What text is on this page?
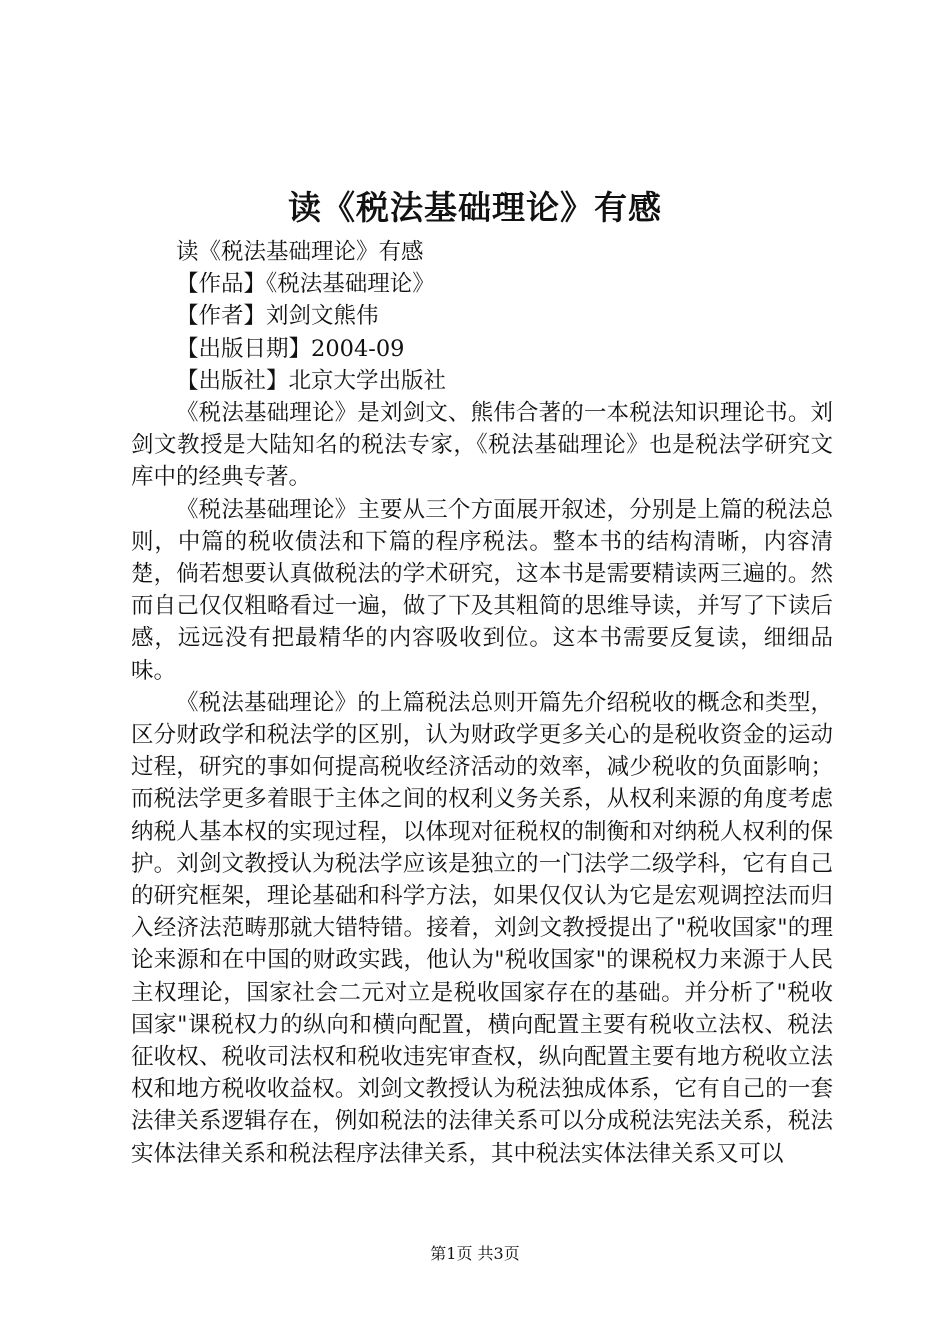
读《税法基础理论》有感

读《税法基础理论》有感

【作品】《税法基础理论》

【作者】刘剑文熊伟

【出版日期】2004-09

【出版社】北京大学出版社

《税法基础理论》是刘剑文、熊伟合著的一本税法知识理论书。刘剑文教授是大陆知名的税法专家，《税法基础理论》也是税法学研究文库中的经典专著。

《税法基础理论》主要从三个方面展开叙述，分别是上篇的税法总则，中篇的税收债法和下篇的程序税法。整本书的结构清晰，内容清楚，倘若想要认真做税法的学术研究，这本书是需要精读两三遍的。然而自己仅仅粗略看过一遍，做了下及其粗简的思维导读，并写了下读后感，远远没有把最精华的内容吸收到位。这本书需要反复读，细细品味。

《税法基础理论》的上篇税法总则开篇先介绍税收的概念和类型，区分财政学和税法学的区别，认为财政学更多关心的是税收资金的运动过程，研究的事如何提高税收经济活动的效率，减少税收的负面影响；而税法学更多着眼于主体之间的权利义务关系，从权利来源的角度考虑纳税人基本权的实现过程，以体现对征税权的制衡和对纳税人权利的保护。刘剑文教授认为税法学应该是独立的一门法学二级学科，它有自己的研究框架，理论基础和科学方法，如果仅仅认为它是宏观调控法而归入经济法范畴那就大错特错。接着，刘剑文教授提出了"税收国家"的理论来源和在中国的财政实践，他认为"税收国家"的课税权力来源于人民主权理论，国家社会二元对立是税收国家存在的基础。并分析了"税收国家"课税权力的纵向和横向配置，横向配置主要有税收立法权、税法征收权、税收司法权和税收违宪审查权，纵向配置主要有地方税收立法权和地方税收收益权。刘剑文教授认为税法独成体系，它有自己的一套法律关系逻辑存在，例如税法的法律关系可以分成税法宪法关系，税法实体法律关系和税法程序法律关系，其中税法实体法律关系又可以

第1页 共3页
